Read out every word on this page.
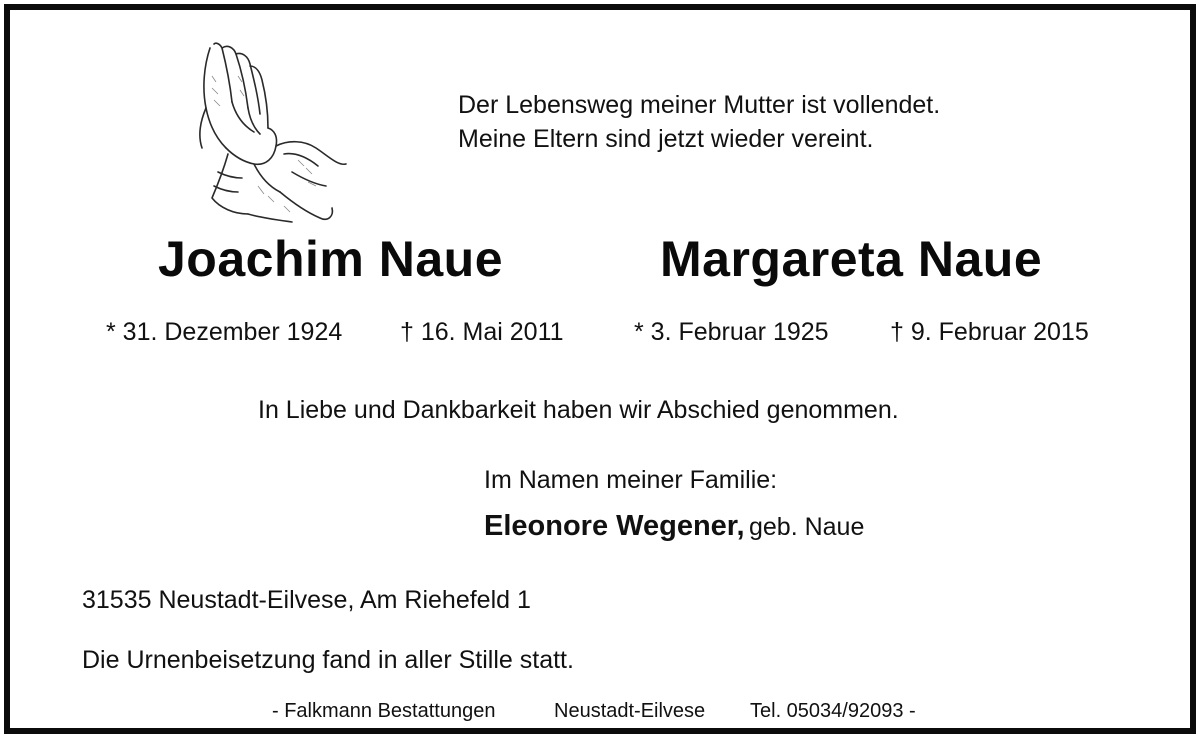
Der Lebensweg meiner Mutter ist vollendet.
Meine Eltern sind jetzt wieder vereint.
Joachim Naue	Margareta Naue
* 31. Dezember 1924 † 16. Mai 2011	* 3. Februar 1925 † 9. Februar 2015
In Liebe und Dankbarkeit haben wir Abschied genommen.
Im Namen meiner Familie:
Eleonore Wegener, geb. Naue
31535 Neustadt-Eilvese, Am Riehefeld 1
Die Urnenbeisetzung fand in aller Stille statt.
- Falkmann Bestattungen	Neustadt-Eilvese Tel. 05034/92093 -
